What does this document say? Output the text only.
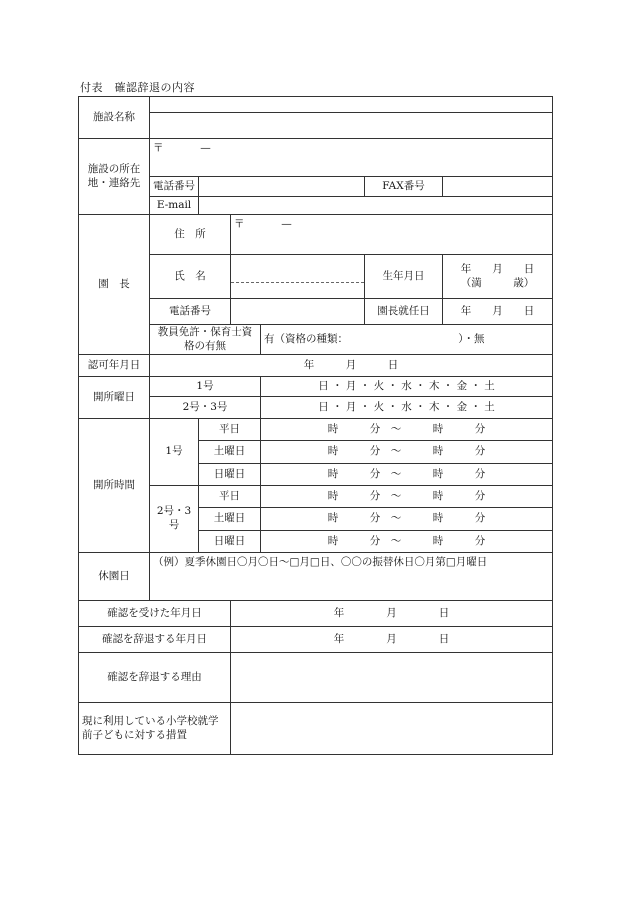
付表　確認辞退の内容
施設名称						

施設の所在地・連絡先	〒 —					
	電話番号				FAX番号	
	E-mail					
園　長	住　所		〒 —			
	氏　名				生年月日	年　　月　　日
（満　　　歳）

	電話番号				園長就任日	年　　月　　日
	教員免許・保育士資格の有無			有（資格の種類：　　　　　　　　　　　）・無		
認可年月日	年　　　月　　　日					
開所曜日	1号			日 ・ 月 ・ 火 ・ 水 ・ 木 ・ 金 ・ 土		
	2号・3号			日 ・ 月 ・ 火 ・ 水 ・ 木 ・ 金 ・ 土		
開所時間	1号	平日		時　　　分　～　　　時　　　分		
		土曜日		時　　　分　～　　　時　　　分		
		日曜日		時　　　分　～　　　時　　　分		
	2号・3号	平日		時　　　分　～　　　時　　　分		
		土曜日		時　　　分　～　　　時　　　分		
		日曜日		時　　　分　～　　　時　　　分		
休園日	（例）夏季休園日〇月〇日～□月□日、〇〇の振替休日〇月第□月曜日					
確認を受けた年月日			年　　　　月　　　　日			
確認を辞退する年月日			年　　　　月　　　　日			
確認を辞退する理由						
現に利用している小学校就学前子どもに対する措置						
